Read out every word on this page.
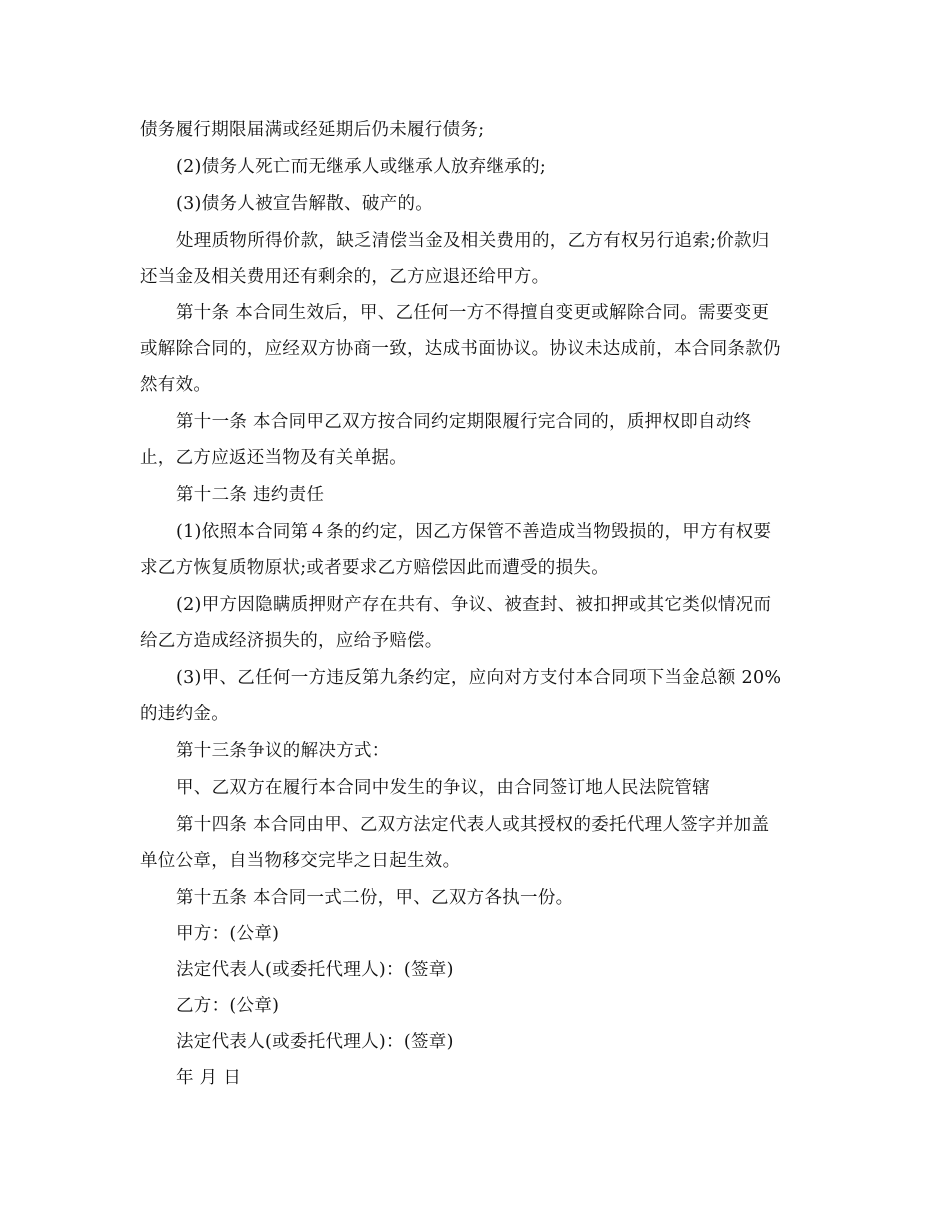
债务履行期限届满或经延期后仍未履行债务;
(2)债务人死亡而无继承人或继承人放弃继承的;
(3)债务人被宣告解散、破产的。
处理质物所得价款，缺乏清偿当金及相关费用的，乙方有权另行追索;价款归
还当金及相关费用还有剩余的，乙方应退还给甲方。
第十条 本合同生效后，甲、乙任何一方不得擅自变更或解除合同。需要变更
或解除合同的，应经双方协商一致，达成书面协议。协议未达成前，本合同条款仍
然有效。
第十一条 本合同甲乙双方按合同约定期限履行完合同的，质押权即自动终
止，乙方应返还当物及有关单据。
第十二条 违约责任
(1)依照本合同第４条的约定，因乙方保管不善造成当物毁损的，甲方有权要
求乙方恢复质物原状;或者要求乙方赔偿因此而遭受的损失。
(2)甲方因隐瞒质押财产存在共有、争议、被查封、被扣押或其它类似情况而
给乙方造成经济损失的，应给予赔偿。
(3)甲、乙任何一方违反第九条约定，应向对方支付本合同项下当金总额 20%
的违约金。
第十三条争议的解决方式：
甲、乙双方在履行本合同中发生的争议，由合同签订地人民法院管辖
第十四条 本合同由甲、乙双方法定代表人或其授权的委托代理人签字并加盖
单位公章，自当物移交完毕之日起生效。
第十五条 本合同一式二份，甲、乙双方各执一份。
甲方：(公章)
法定代表人(或委托代理人)：(签章)
乙方：(公章)
法定代表人(或委托代理人)：(签章)
年 月 日
